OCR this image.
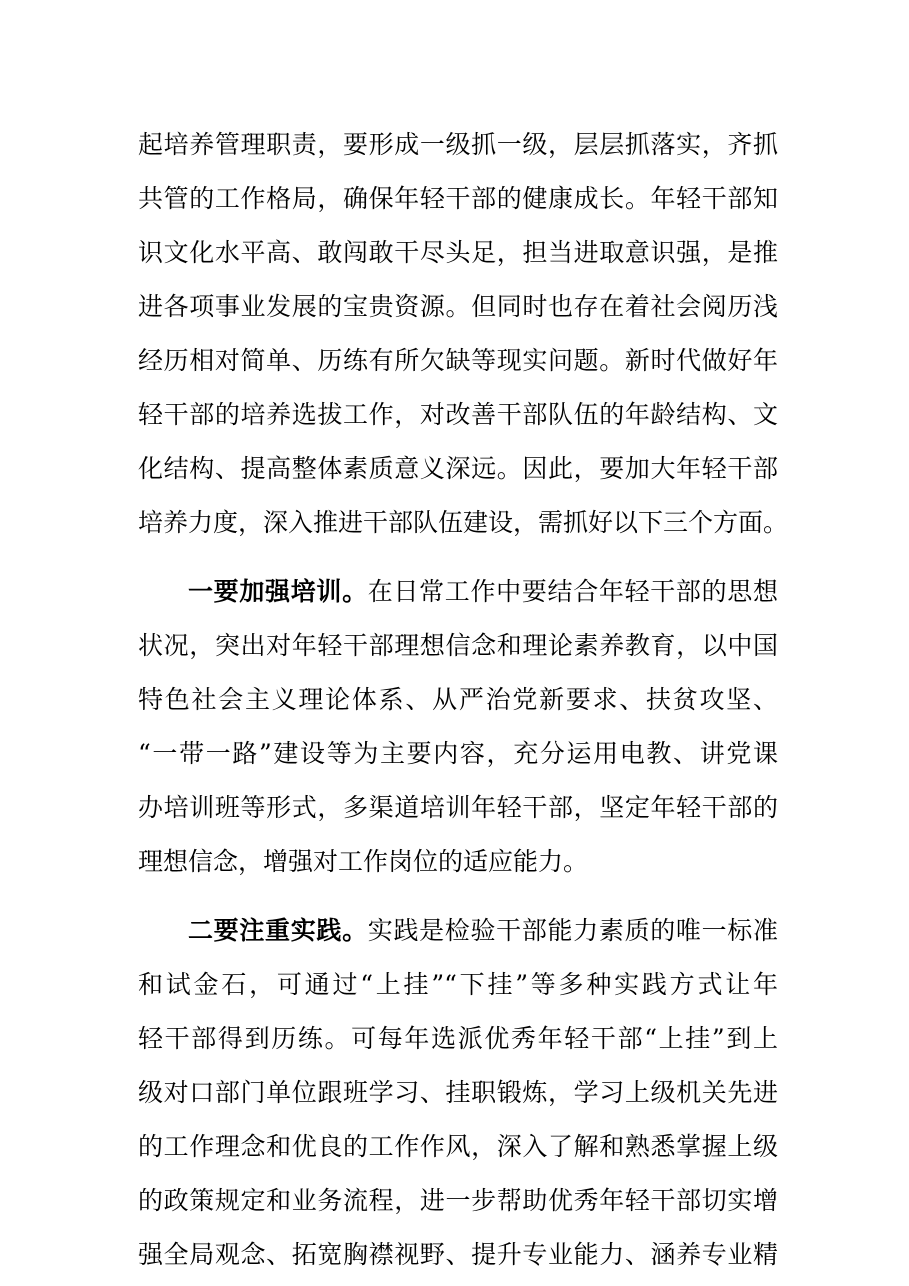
起培养管理职责，要形成一级抓一级，层层抓落实，齐抓
共管的工作格局，确保年轻干部的健康成长。年轻干部知
识文化水平高、敢闯敢干尽头足，担当进取意识强，是推
进各项事业发展的宝贵资源。但同时也存在着社会阅历浅
经历相对简单、历练有所欠缺等现实问题。新时代做好年
轻干部的培养选拔工作，对改善干部队伍的年龄结构、文
化结构、提高整体素质意义深远。因此，要加大年轻干部
培养力度，深入推进干部队伍建设，需抓好以下三个方面。
一要加强培训。在日常工作中要结合年轻干部的思想
状况，突出对年轻干部理想信念和理论素养教育，以中国
特色社会主义理论体系、从严治党新要求、扶贫攻坚、
“一带一路”建设等为主要内容，充分运用电教、讲党课
办培训班等形式，多渠道培训年轻干部，坚定年轻干部的
理想信念，增强对工作岗位的适应能力。
二要注重实践。实践是检验干部能力素质的唯一标准
和试金石，可通过“上挂”“下挂”等多种实践方式让年
轻干部得到历练。可每年选派优秀年轻干部“上挂”到上
级对口部门单位跟班学习、挂职锻炼，学习上级机关先进
的工作理念和优良的工作作风，深入了解和熟悉掌握上级
的政策规定和业务流程，进一步帮助优秀年轻干部切实增
强全局观念、拓宽胸襟视野、提升专业能力、涵养专业精
